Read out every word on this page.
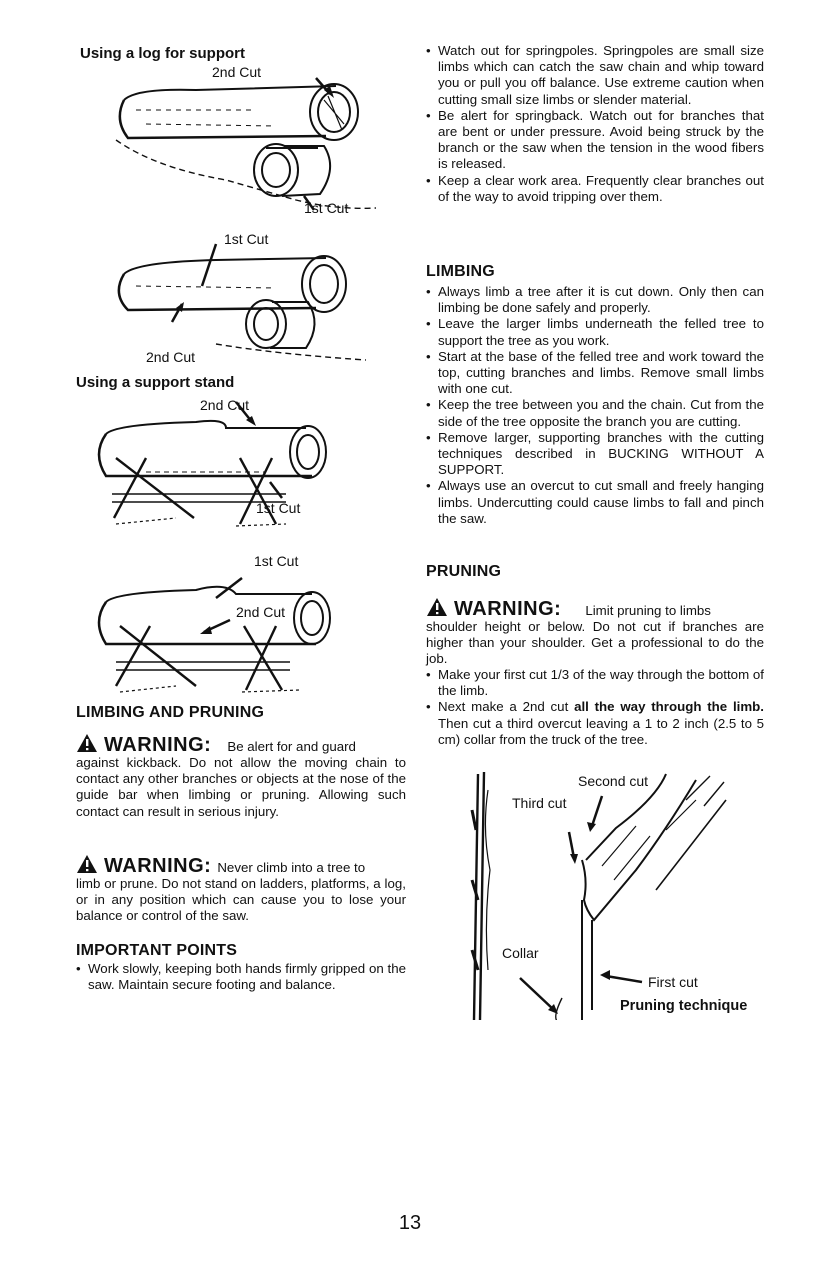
Using a log for support
2nd Cut
1st Cut
1st Cut
2nd Cut
Using a support stand
2nd Cut
1st Cut
1st Cut
2nd Cut
LIMBING AND PRUNING
WARNING: Be alert for and guard
against kickback. Do not allow the moving chain to contact any other branches or objects at the nose of the guide bar when limbing or pruning. Allowing such contact can result in serious injury.
WARNING: Never climb into a tree to
limb or prune. Do not stand on ladders, platforms, a log, or in any position which can cause you to lose your balance or control of the saw.
IMPORTANT POINTS
• Work slowly, keeping both hands firmly gripped on the saw. Maintain secure footing and balance.
• Watch out for springpoles. Springpoles are small size limbs which can catch the saw chain and whip toward you or pull you off balance. Use extreme caution when cutting small size limbs or slender material.
• Be alert for springback. Watch out for branches that are bent or under pressure. Avoid being struck by the branch or the saw when the tension in the wood fibers is released.
• Keep a clear work area. Frequently clear branches out of the way to avoid tripping over them.
LIMBING
• Always limb a tree after it is cut down. Only then can limbing be done safely and properly.
• Leave the larger limbs underneath the felled tree to support the tree as you work.
• Start at the base of the felled tree and work toward the top, cutting branches and limbs. Remove small limbs with one cut.
• Keep the tree between you and the chain. Cut from the side of the tree opposite the branch you are cutting.
• Remove larger, supporting branches with the cutting techniques described in BUCKING WITHOUT A SUPPORT.
• Always use an overcut to cut small and freely hanging limbs. Undercutting could cause limbs to fall and pinch the saw.
PRUNING
WARNING: Limit pruning to limbs
shoulder height or below. Do not cut if branches are higher than your shoulder. Get a professional to do the job.
• Make your first cut 1/3 of the way through the bottom of the limb.
• Next make a 2nd cut all the way through the limb. Then cut a third overcut leaving a 1 to 2 inch (2.5 to 5 cm) collar from the truck of the tree.
Second cut
Third cut
Collar
First cut
Pruning technique
13
